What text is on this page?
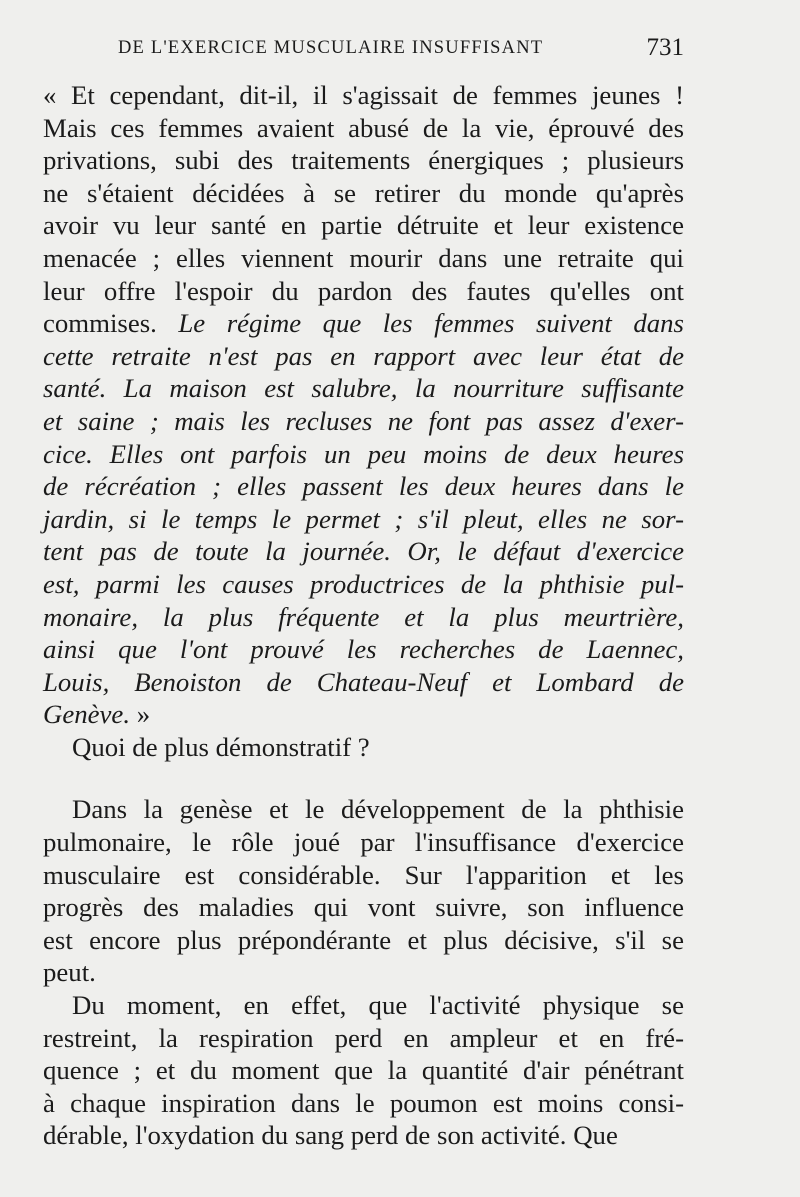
DE L'EXERCICE MUSCULAIRE INSUFFISANT	731
« Et cependant, dit-il, il s'agissait de femmes jeunes !
Mais ces femmes avaient abusé de la vie, éprouvé des
privations, subi des traitements énergiques ; plusieurs
ne s'étaient décidées à se retirer du monde qu'après
avoir vu leur santé en partie détruite et leur existence
menacée ; elles viennent mourir dans une retraite qui
leur offre l'espoir du pardon des fautes qu'elles ont
commises. Le régime que les femmes suivent dans
cette retraite n'est pas en rapport avec leur état de
santé. La maison est salubre, la nourriture suffisante
et saine ; mais les recluses ne font pas assez d'exer-
cice. Elles ont parfois un peu moins de deux heures
de récréation ; elles passent les deux heures dans le
jardin, si le temps le permet ; s'il pleut, elles ne sor-
tent pas de toute la journée. Or, le défaut d'exercice
est, parmi les causes productrices de la phthisie pul-
monaire, la plus fréquente et la plus meurtrière,
ainsi que l'ont prouvé les recherches de Laennec,
Louis, Benoiston de Chateau-Neuf et Lombard de
Genève. »
Quoi de plus démonstratif ?
Dans la genèse et le développement de la phthisie
pulmonaire, le rôle joué par l'insuffisance d'exercice
musculaire est considérable. Sur l'apparition et les
progrès des maladies qui vont suivre, son influence
est encore plus prépondérante et plus décisive, s'il se
peut.
Du moment, en effet, que l'activité physique se
restreint, la respiration perd en ampleur et en fré-
quence ; et du moment que la quantité d'air pénétrant
à chaque inspiration dans le poumon est moins consi-
dérable, l'oxydation du sang perd de son activité. Que
